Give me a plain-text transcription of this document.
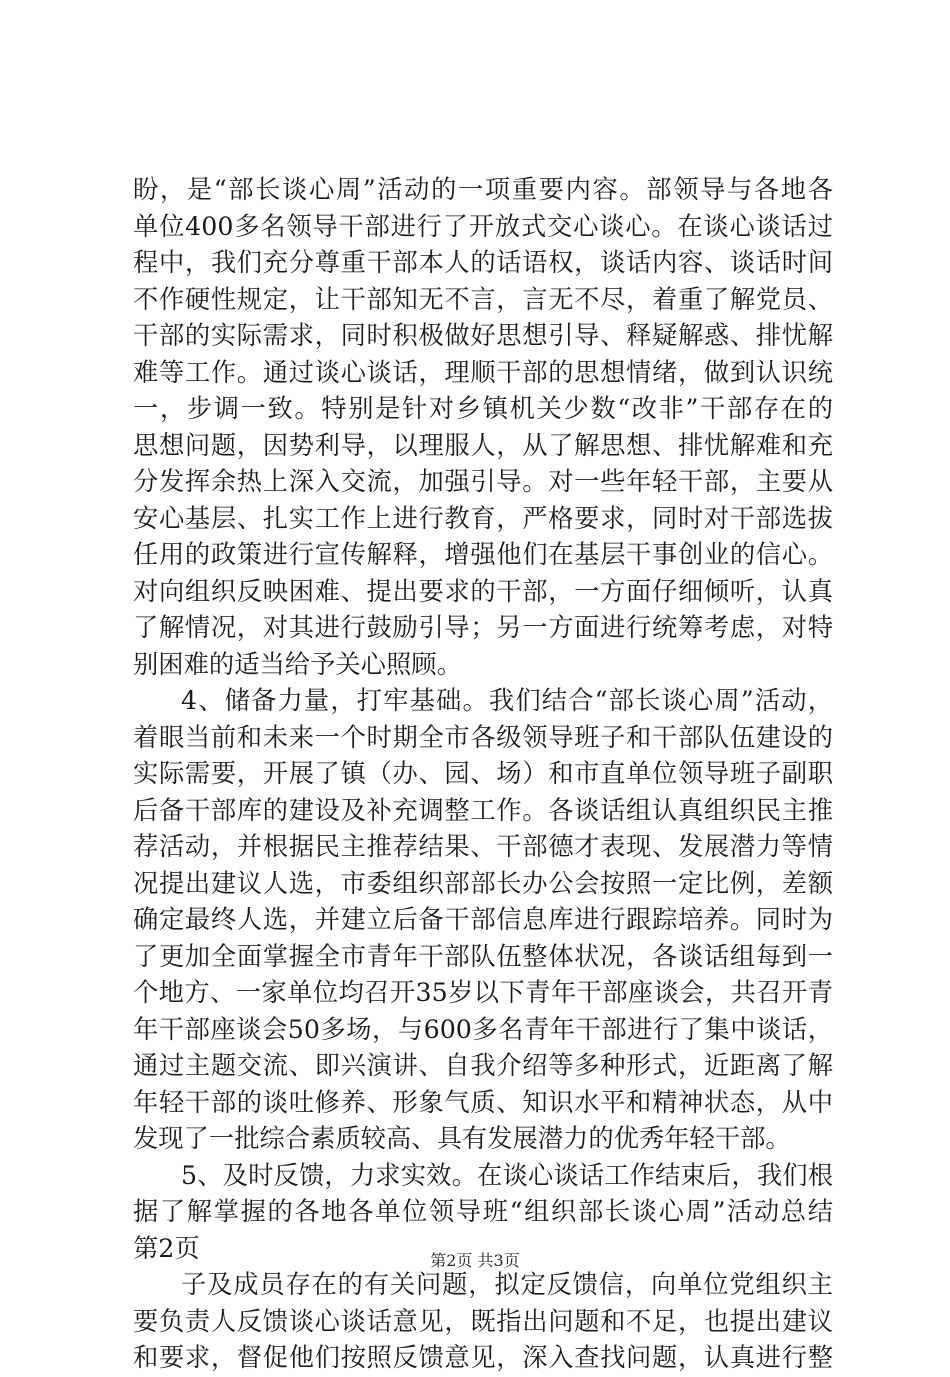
盼，是“部长谈心周”活动的一项重要内容。部领导与各地各
单位400多名领导干部进行了开放式交心谈心。在谈心谈话过
程中，我们充分尊重干部本人的话语权，谈话内容、谈话时间
不作硬性规定，让干部知无不言，言无不尽，着重了解党员、
干部的实际需求，同时积极做好思想引导、释疑解惑、排忧解
难等工作。通过谈心谈话，理顺干部的思想情绪，做到认识统
一，步调一致。特别是针对乡镇机关少数“改非”干部存在的
思想问题，因势利导，以理服人，从了解思想、排忧解难和充
分发挥余热上深入交流，加强引导。对一些年轻干部，主要从
安心基层、扎实工作上进行教育，严格要求，同时对干部选拔
任用的政策进行宣传解释，增强他们在基层干事创业的信心。
对向组织反映困难、提出要求的干部，一方面仔细倾听，认真
了解情况，对其进行鼓励引导；另一方面进行统筹考虑，对特
别困难的适当给予关心照顾。
4、储备力量，打牢基础。我们结合“部长谈心周”活动，
着眼当前和未来一个时期全市各级领导班子和干部队伍建设的
实际需要，开展了镇（办、园、场）和市直单位领导班子副职
后备干部库的建设及补充调整工作。各谈话组认真组织民主推
荐活动，并根据民主推荐结果、干部德才表现、发展潜力等情
况提出建议人选，市委组织部部长办公会按照一定比例，差额
确定最终人选，并建立后备干部信息库进行跟踪培养。同时为
了更加全面掌握全市青年干部队伍整体状况，各谈话组每到一
个地方、一家单位均召开35岁以下青年干部座谈会，共召开青
年干部座谈会50多场，与600多名青年干部进行了集中谈话，
通过主题交流、即兴演讲、自我介绍等多种形式，近距离了解
年轻干部的谈吐修养、形象气质、知识水平和精神状态，从中
发现了一批综合素质较高、具有发展潜力的优秀年轻干部。
5、及时反馈，力求实效。在谈心谈话工作结束后，我们根
据了解掌握的各地各单位领导班“组织部长谈心周”活动总结
第2页
子及成员存在的有关问题，拟定反馈信，向单位党组织主
要负责人反馈谈心谈话意见，既指出问题和不足，也提出建议
和要求，督促他们按照反馈意见，深入查找问题，认真进行整
第2页 共3页
